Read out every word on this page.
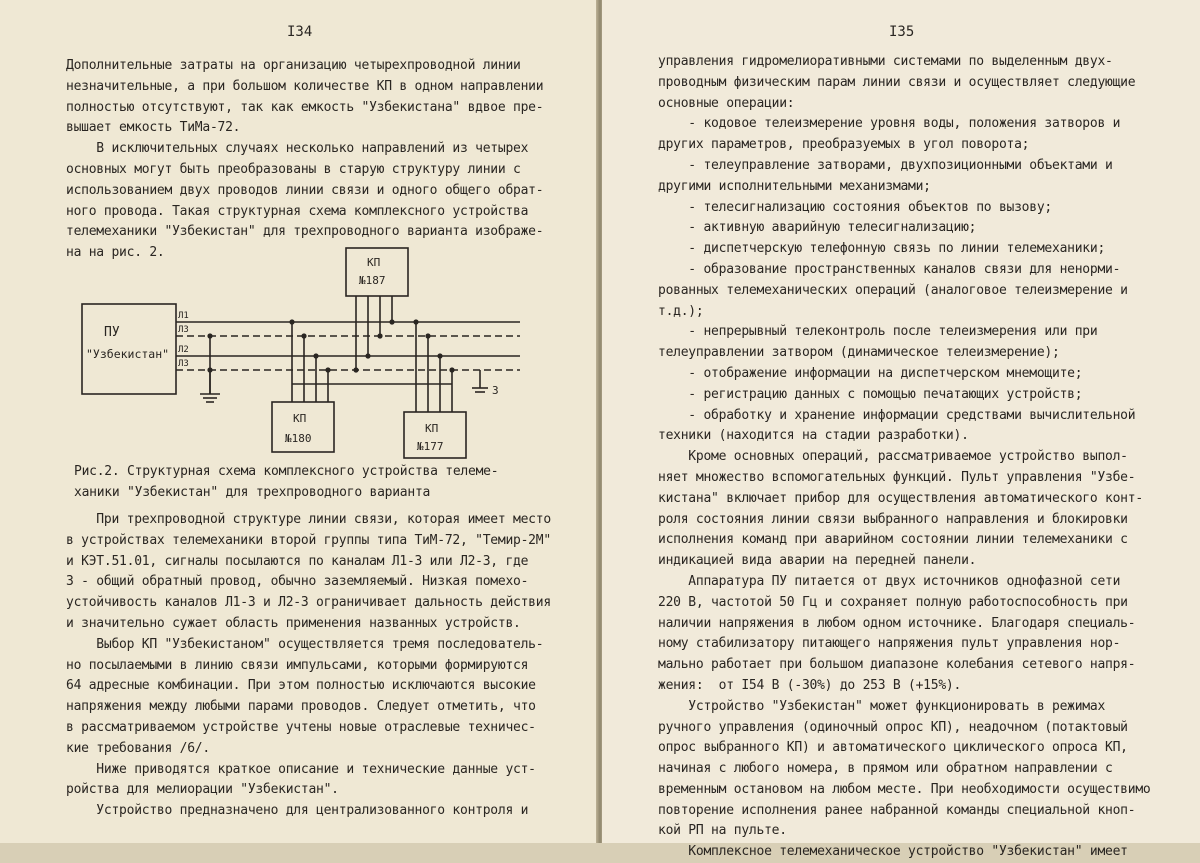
I34

Дополнительные затраты на организацию четырехпроводной линии
незначительные, а при большом количестве КП в одном направлении
полностью отсутствуют, так как емкость "Узбекистана" вдвое пре-
вышает емкость ТиМа-72.
В исключительных случаях несколько направлений из четырех
основных могут быть преобразованы в старую структуру линии с
использованием двух проводов линии связи и одного общего обрат-
ного провода. Такая структурная схема комплексного устройства
телемеханики "Узбекистан" для трехпроводного варианта изображе-
на на рис. 2.

ПУ
"Узбекистан"
Л1
Л3
Л2
Л3
КП
№187
КП
№180
КП
№177
3

Рис.2. Структурная схема комплексного устройства телеме-
ханики "Узбекистан" для трехпроводного варианта

При трехпроводной структуре линии связи, которая имеет место
в устройствах телемеханики второй группы типа ТиМ-72, "Темир-2М"
и КЭТ.51.01, сигналы посылаются по каналам Л1-3 или Л2-3, где
3 - общий обратный провод, обычно заземляемый. Низкая помехо-
устойчивость каналов Л1-3 и Л2-3 ограничивает дальность действия
и значительно сужает область применения названных устройств.
Выбор КП "Узбекистаном" осуществляется тремя последователь-
но посылаемыми в линию связи импульсами, которыми формируются
64 адресные комбинации. При этом полностью исключаются высокие
напряжения между любыми парами проводов. Следует отметить, что
в рассматриваемом устройстве учтены новые отраслевые техничес-
кие требования /6/.
Ниже приводятся краткое описание и технические данные уст-
ройства для мелиорации "Узбекистан".
Устройство предназначено для централизованного контроля и

I35

управления гидромелиоративными системами по выделенным двух-
проводным физическим парам линии связи и осуществляет следующие
основные операции:
- кодовое телеизмерение уровня воды, положения затворов и
других параметров, преобразуемых в угол поворота;
- телеуправление затворами, двухпозиционными объектами и
другими исполнительными механизмами;
- телесигнализацию состояния объектов по вызову;
- активную аварийную телесигнализацию;
- диспетчерскую телефонную связь по линии телемеханики;
- образование пространственных каналов связи для ненорми-
рованных телемеханических операций (аналоговое телеизмерение и
т.д.);
- непрерывный телеконтроль после телеизмерения или при
телеуправлении затвором (динамическое телеизмерение);
- отображение информации на диспетчерском мнемощите;
- регистрацию данных с помощью печатающих устройств;
- обработку и хранение информации средствами вычислительной
техники (находится на стадии разработки).
Кроме основных операций, рассматриваемое устройство выпол-
няет множество вспомогательных функций. Пульт управления "Узбе-
кистана" включает прибор для осуществления автоматического конт-
роля состояния линии связи выбранного направления и блокировки
исполнения команд при аварийном состоянии линии телемеханики с
индикацией вида аварии на передней панели.
Аппаратура ПУ питается от двух источников однофазной сети
220 В, частотой 50 Гц и сохраняет полную работоспособность при
наличии напряжения в любом одном источнике. Благодаря специаль-
ному стабилизатору питающего напряжения пульт управления нор-
мально работает при большом диапазоне колебания сетевого напря-
жения:  от I54 В (-30%) до 253 В (+15%).
Устройство "Узбекистан" может функционировать в режимах
ручного управления (одиночный опрос КП), неадочном (потактовый
опрос выбранного КП) и автоматического циклического опроса КП,
начиная с любого номера, в прямом или обратном направлении с
временным остановом на любом месте. При необходимости осуществимо
повторение исполнения ранее набранной команды специальной кноп-
кой РП на пульте.
Комплексное телемеханическое устройство "Узбекистан" имеет
